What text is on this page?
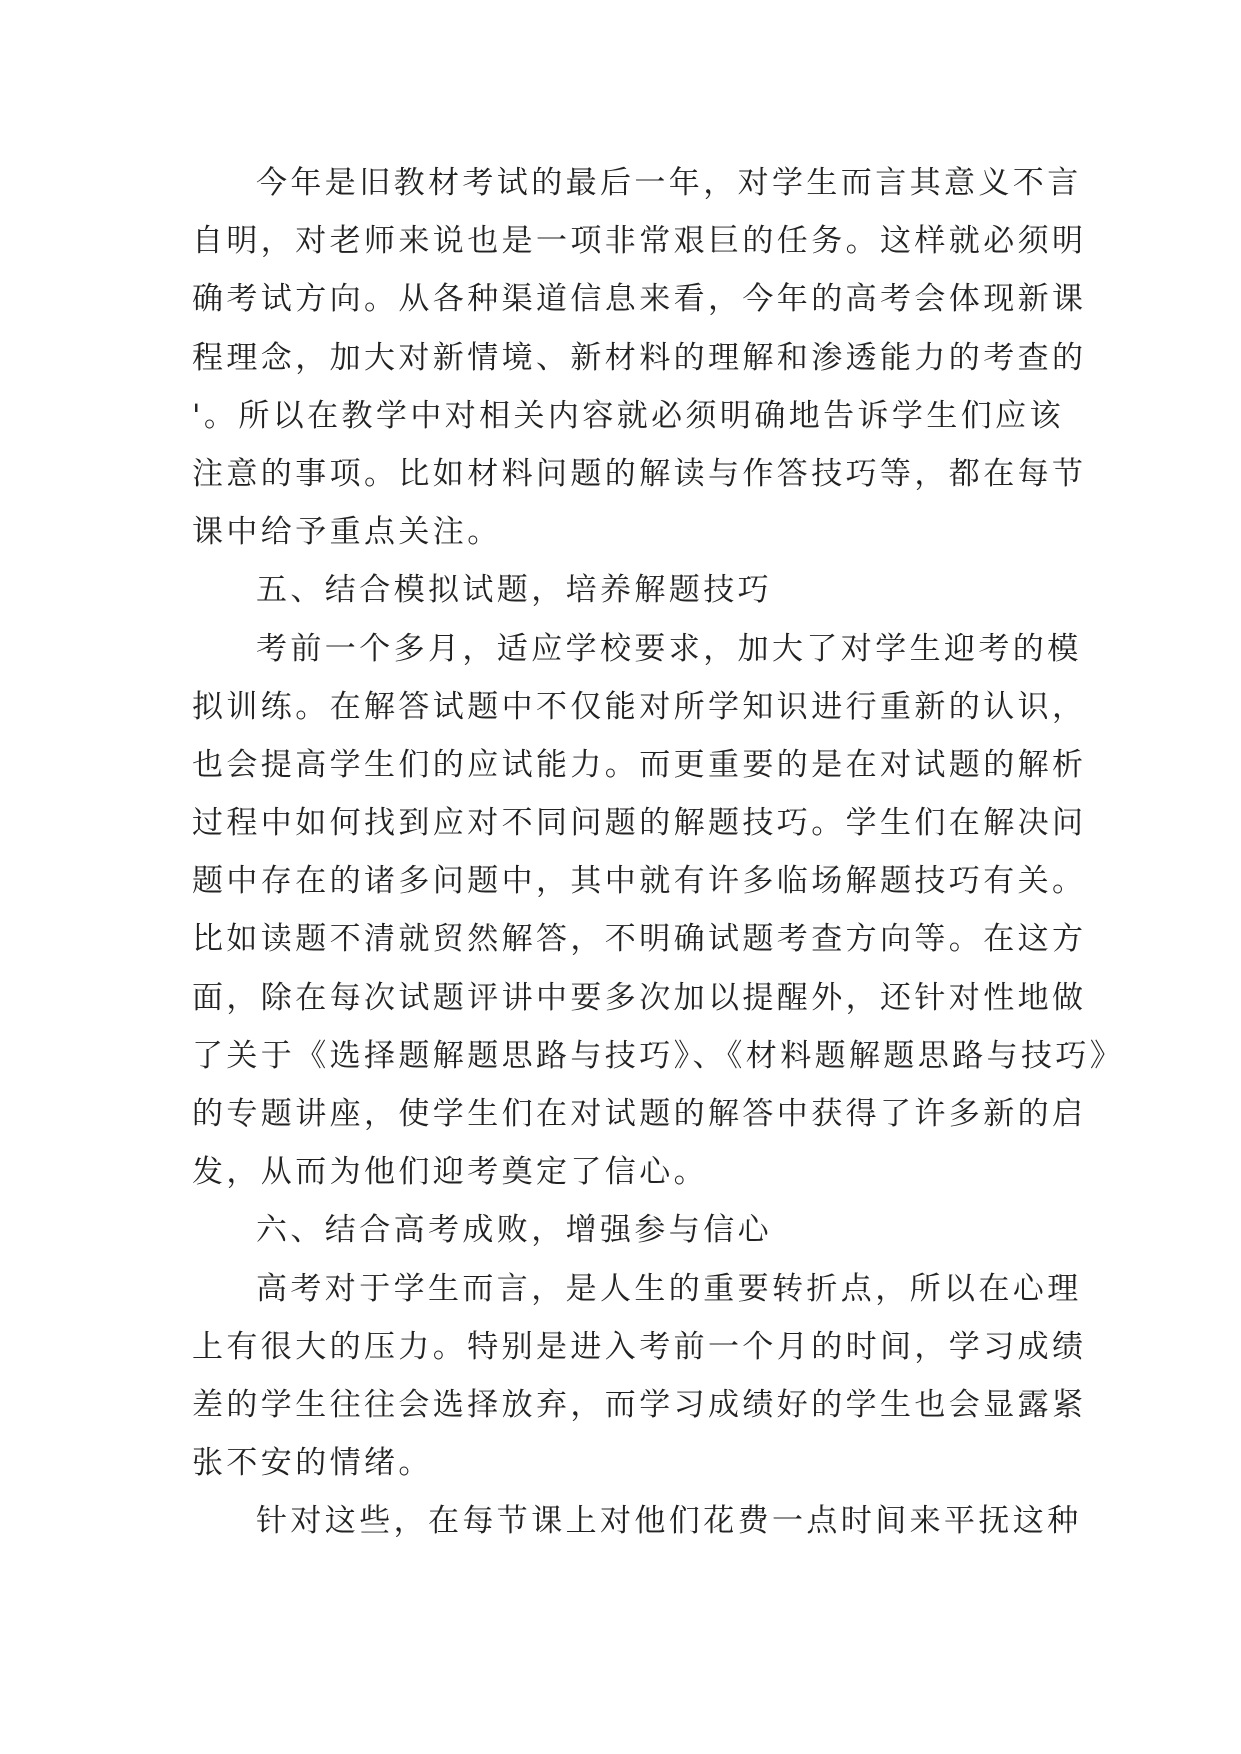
今年是旧教材考试的最后一年，对学生而言其意义不言
自明，对老师来说也是一项非常艰巨的任务。这样就必须明
确考试方向。从各种渠道信息来看，今年的高考会体现新课
程理念，加大对新情境、新材料的理解和渗透能力的考查的
'。所以在教学中对相关内容就必须明确地告诉学生们应该
注意的事项。比如材料问题的解读与作答技巧等，都在每节
课中给予重点关注。
五、结合模拟试题，培养解题技巧
考前一个多月，适应学校要求，加大了对学生迎考的模
拟训练。在解答试题中不仅能对所学知识进行重新的认识，
也会提高学生们的应试能力。而更重要的是在对试题的解析
过程中如何找到应对不同问题的解题技巧。学生们在解决问
题中存在的诸多问题中，其中就有许多临场解题技巧有关。
比如读题不清就贸然解答，不明确试题考查方向等。在这方
面，除在每次试题评讲中要多次加以提醒外，还针对性地做
了关于《选择题解题思路与技巧》、《材料题解题思路与技巧》
的专题讲座，使学生们在对试题的解答中获得了许多新的启
发，从而为他们迎考奠定了信心。
六、结合高考成败，增强参与信心
高考对于学生而言，是人生的重要转折点，所以在心理
上有很大的压力。特别是进入考前一个月的时间，学习成绩
差的学生往往会选择放弃，而学习成绩好的学生也会显露紧
张不安的情绪。
针对这些，在每节课上对他们花费一点时间来平抚这种
